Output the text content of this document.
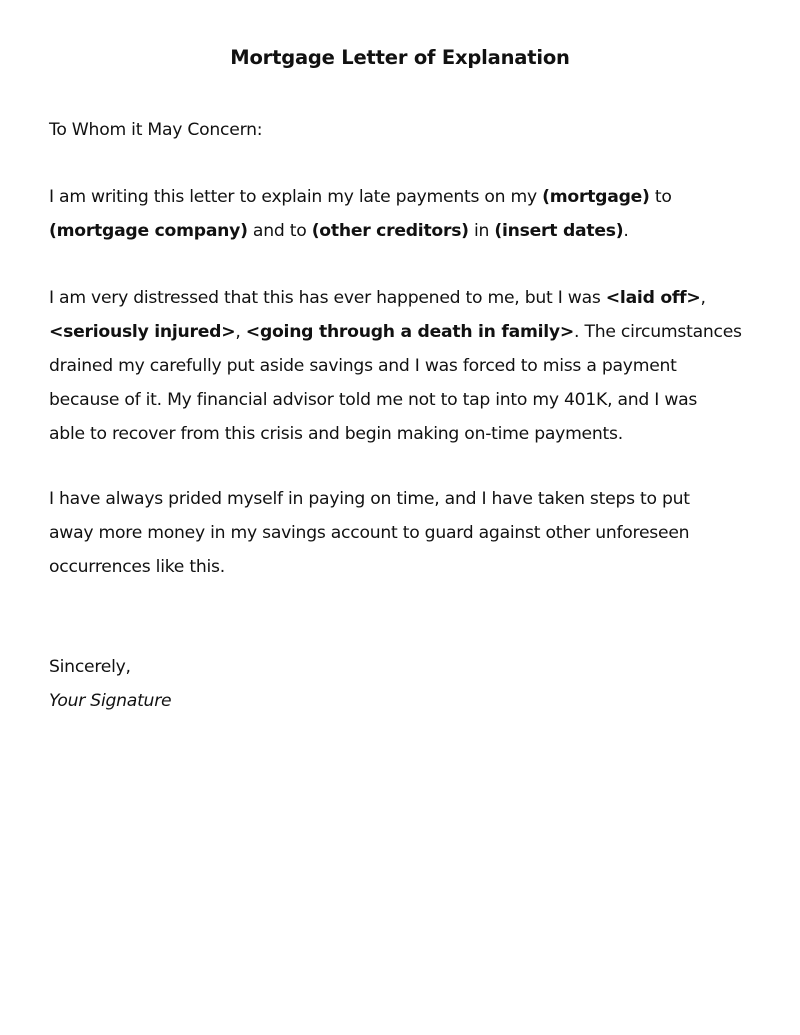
Mortgage Letter of Explanation

To Whom it May Concern:

I am writing this letter to explain my late payments on my (mortgage) to
(mortgage company) and to (other creditors) in (insert dates).

I am very distressed that this has ever happened to me, but I was <laid off>,
<seriously injured>, <going through a death in family>. The circumstances
drained my carefully put aside savings and I was forced to miss a payment
because of it. My financial advisor told me not to tap into my 401K, and I was
able to recover from this crisis and begin making on-time payments.

I have always prided myself in paying on time, and I have taken steps to put
away more money in my savings account to guard against other unforeseen
occurrences like this.

Sincerely,

Your Signature
